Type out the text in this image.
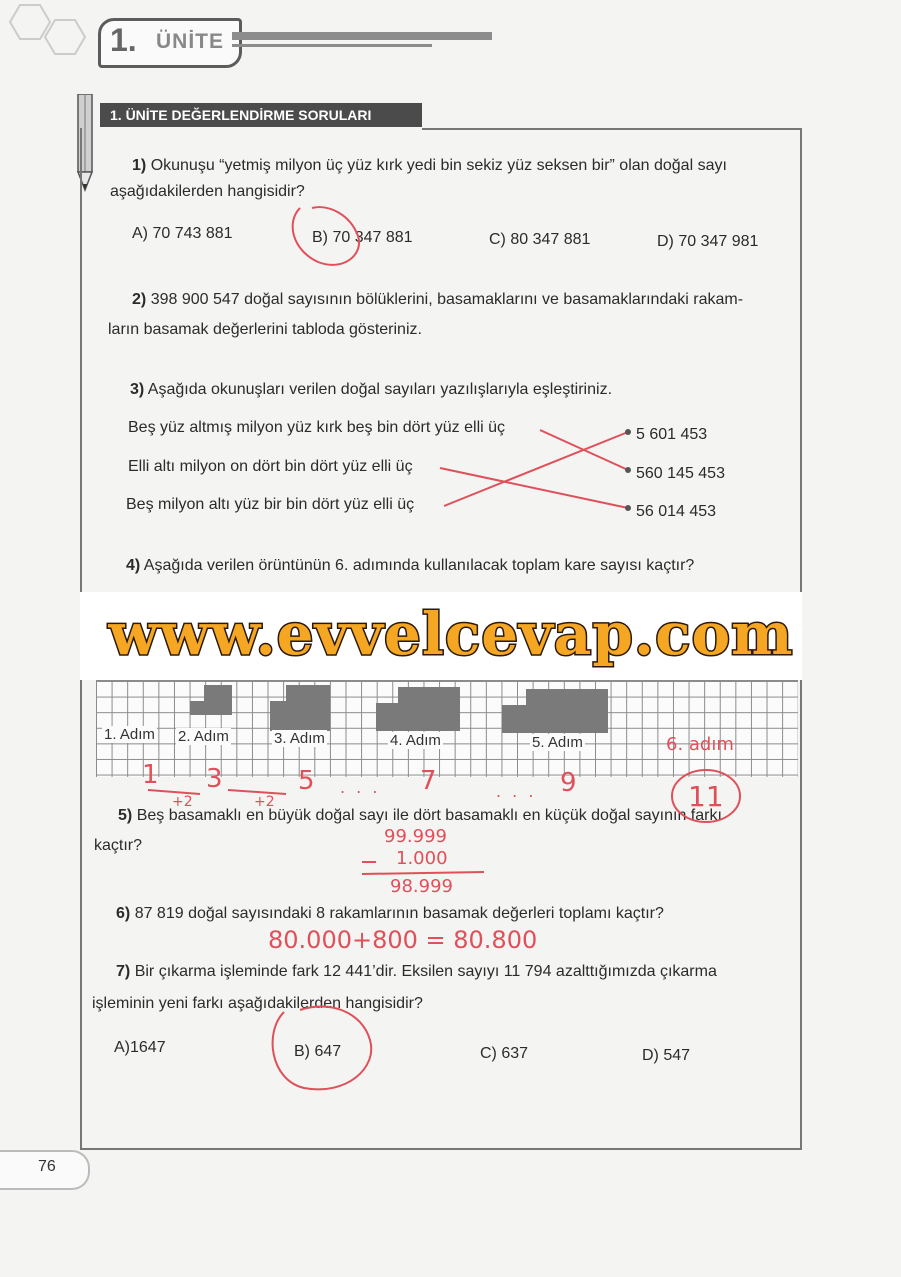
1. ÜNİTE
1. ÜNİTE DEĞERLENDİRME SORULARI
1) Okunuşu “yetmiş milyon üç yüz kırk yedi bin sekiz yüz seksen bir” olan doğal sayı
aşağıdakilerden hangisidir?
A) 70 743 881	B) 70 347 881	C) 80 347 881	D) 70 347 981
2) 398 900 547 doğal sayısının bölüklerini, basamaklarını ve basamaklarındaki rakam-
ların basamak değerlerini tabloda gösteriniz.
3) Aşağıda okunuşları verilen doğal sayıları yazılışlarıyla eşleştiriniz.
Beş yüz altmış milyon yüz kırk beş bin dört yüz elli üç
Elli altı milyon on dört bin dört yüz elli üç
Beş milyon altı yüz bir bin dört yüz elli üç
5 601 453
560 145 453
56 014 453
4) Aşağıda verilen örüntünün 6. adımında kullanılacak toplam kare sayısı kaçtır?
1. Adım 2. Adım	3. Adım	4. Adım	5. Adım
www.evvelcevap.com
5) Beş basamaklı en büyük doğal sayı ile dört basamaklı en küçük doğal sayının farkı
kaçtır?
6) 87 819 doğal sayısındaki 8 rakamlarının basamak değerleri toplamı kaçtır?
7) Bir çıkarma işleminde fark 12 441’dir. Eksilen sayıyı 11 794 azalttığımızda çıkarma
işleminin yeni farkı aşağıdakilerden hangisidir?
A)1647	B) 647	C) 637	D) 547
1 3	5 . . . 7	. . . 9
+2	+2
6. adım
11
99.999
1.000
98.999
80.000+800 = 80.800
76
